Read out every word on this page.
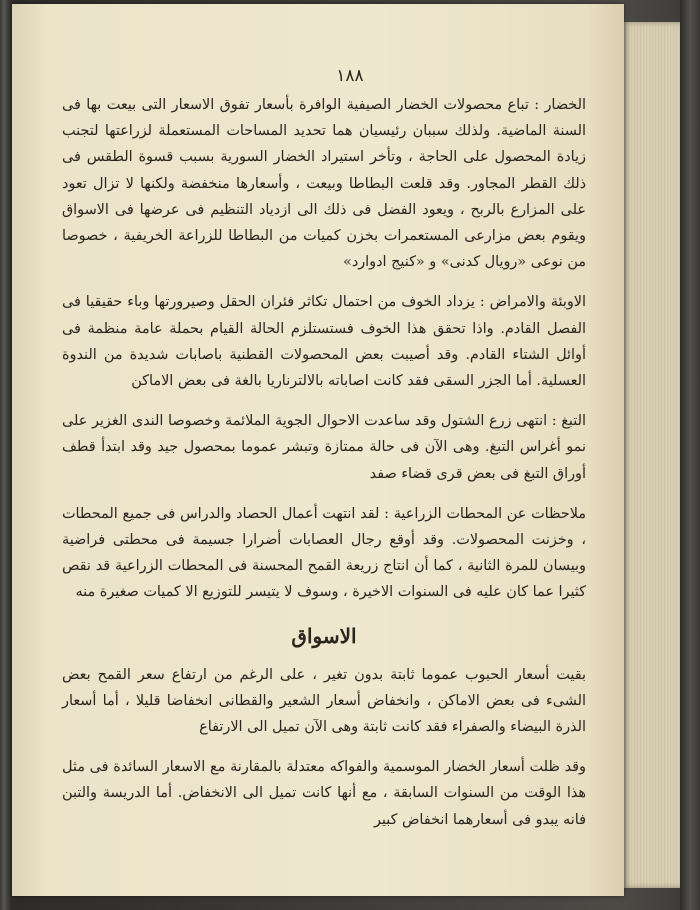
١٨٨

الخضار : تباع محصولات الخضار الصيفية الوافرة بأسعار تفوق الاسعار التى بيعت بها فى السنة الماضية. ولذلك سببان رئيسيان هما تحديد المساحات المستعملة لزراعتها لتجنب زيادة المحصول على الحاجة ، وتأخر استيراد الخضار السورية بسبب قسوة الطقس فى ذلك القطر المجاور. وقد قلعت البطاطا وبيعت ، وأسعارها منخفضة ولكنها لا تزال تعود على المزارع بالربح ، ويعود الفضل فى ذلك الى ازدياد التنظيم فى عرضها فى الاسواق ويقوم بعض مزارعى المستعمرات بخزن كميات من البطاطا للزراعة الخريفية ، خصوصا من نوعى «رويال كدنى» و «كنيج ادوارد»

الاوبئة والامراض : يزداد الخوف من احتمال تكاثر فئران الحقل وصيرورتها وباء حقيقيا فى الفصل القادم. واذا تحقق هذا الخوف فستستلزم الحالة القيام بحملة عامة منظمة فى أوائل الشتاء القادم. وقد أصيبت بعض المحصولات القطنية باصابات شديدة من الندوة العسلية. أما الجزر السقى فقد كانت اصاباته بالالترناريا بالغة فى بعض الاماكن

التبغ : انتهى زرع الشتول وقد ساعدت الاحوال الجوية الملائمة وخصوصا الندى الغزير على نمو أغراس التبغ. وهى الآن فى حالة ممتازة وتبشر عموما بمحصول جيد وقد ابتدأ قطف أوراق التبغ فى بعض قرى قضاء صفد

ملاحظات عن المحطات الزراعية : لقد انتهت أعمال الحصاد والدراس فى جميع المحطات ، وخزنت المحصولات. وقد أوقع رجال العصابات أضرارا جسيمة فى محطتى فراضية وبيسان للمرة الثانية ، كما أن انتاج زريعة القمح المحسنة فى المحطات الزراعية قد نقص كثيرا عما كان عليه فى السنوات الاخيرة ، وسوف لا يتيسر للتوزيع الا كميات صغيرة منه

الاسواق

بقيت أسعار الحبوب عموما ثابتة بدون تغير ، على الرغم من ارتفاع سعر القمح بعض الشىء فى بعض الاماكن ، وانخفاض أسعار الشعير والقطانى انخفاضا قليلا ، أما أسعار الذرة البيضاء والصفراء فقد كانت ثابتة وهى الآن تميل الى الارتفاع

وقد ظلت أسعار الخضار الموسمية والفواكه معتدلة بالمقارنة مع الاسعار السائدة فى مثل هذا الوقت من السنوات السابقة ، مع أنها كانت تميل الى الانخفاض. أما الدريسة والتبن فانه يبدو فى أسعارهما انخفاض كبير
